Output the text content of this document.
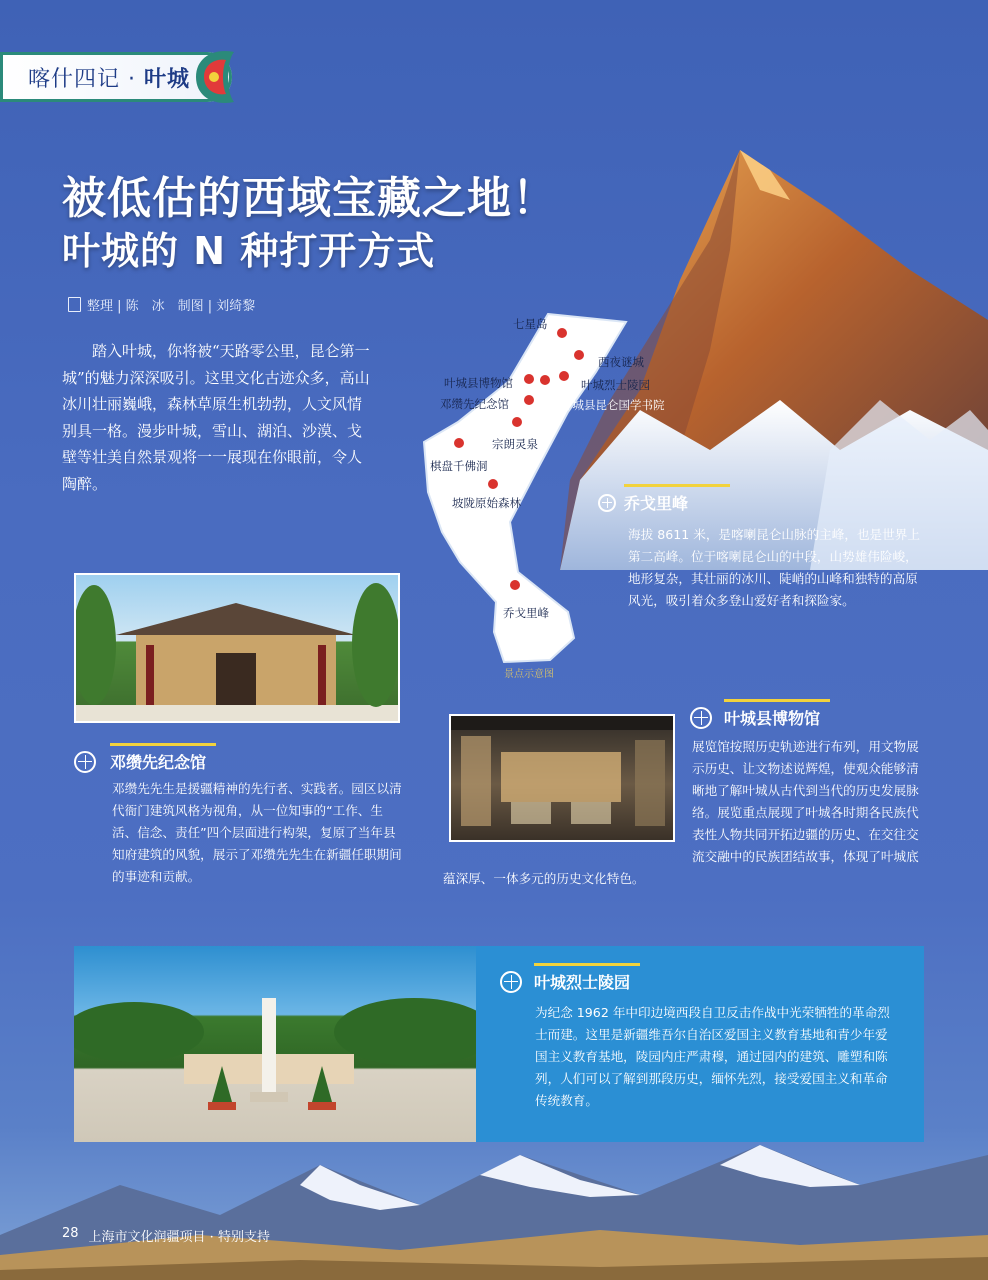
喀什四记 · 叶城
被低估的西域宝藏之地！
叶城的 N 种打开方式
整理 | 陈　冰　制图 | 刘绮黎
踏入叶城，你将被“天路零公里，昆仑第一城”的魅力深深吸引。这里文化古迹众多，高山冰川壮丽巍峨，森林草原生机勃勃，人文风情别具一格。漫步叶城，雪山、湖泊、沙漠、戈壁等壮美自然景观将一一展现在你眼前，令人陶醉。
七星岛
西夜谜城
叶城县博物馆	叶城烈士陵园
邓缵先纪念馆	叶城县昆仑国学书院
宗朗灵泉
棋盘千佛洞
坡陇原始森林
乔戈里峰
景点示意图
乔戈里峰
海拔 8611 米，是喀喇昆仑山脉的主峰，也是世界上第二高峰。位于喀喇昆仑山的中段，山势雄伟险峻，地形复杂，其壮丽的冰川、陡峭的山峰和独特的高原风光，吸引着众多登山爱好者和探险家。
邓缵先纪念馆
邓缵先先生是援疆精神的先行者、实践者。园区以清代衙门建筑风格为视角，从一位知事的“工作、生活、信念、责任”四个层面进行构架，复原了当年县知府建筑的风貌，展示了邓缵先先生在新疆任职期间的事迹和贡献。
叶城县博物馆
展览馆按照历史轨迹进行布列，用文物展示历史、让文物述说辉煌，使观众能够清晰地了解叶城从古代到当代的历史发展脉络。展览重点展现了叶城各时期各民族代表性人物共同开拓边疆的历史、在交往交流交融中的民族团结故事，体现了叶城底蕴深厚、一体多元的历史文化特色。
叶城烈士陵园
为纪念 1962 年中印边境西段自卫反击作战中光荣牺牲的革命烈士而建。这里是新疆维吾尔自治区爱国主义教育基地和青少年爱国主义教育基地，陵园内庄严肃穆，通过园内的建筑、雕塑和陈列，人们可以了解到那段历史，缅怀先烈，接受爱国主义和革命传统教育。
28 上海市文化润疆项目 · 特别支持
